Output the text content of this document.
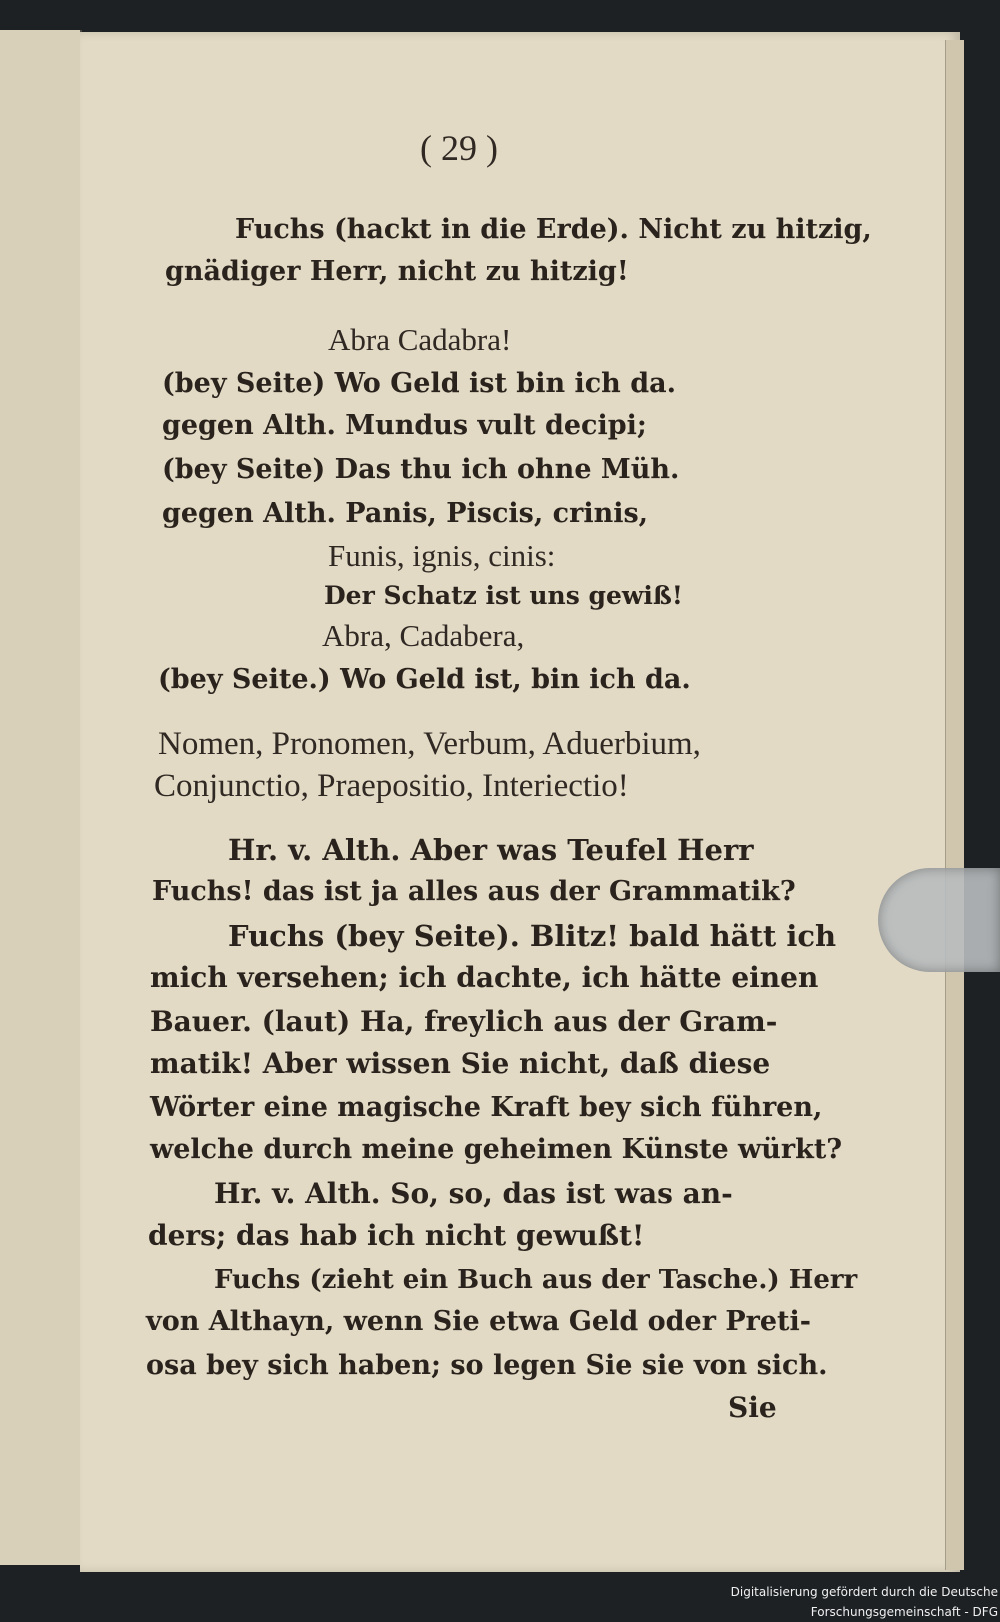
( 29 )
Fuchs (hackt in die Erde). Nicht zu hitzig,
gnädiger Herr, nicht zu hitzig!
Abra Cadabra!
(bey Seite) Wo Geld ist bin ich da.
gegen Alth. Mundus vult decipi;
(bey Seite) Das thu ich ohne Müh.
gegen Alth. Panis, Piscis, crinis,
Funis, ignis, cinis:
Der Schatz ist uns gewiß!
Abra, Cadabera,
(bey Seite.) Wo Geld ist, bin ich da.
Nomen, Pronomen, Verbum, Aduerbium,
Conjunctio, Praepositio, Interiectio!
Hr. v. Alth. Aber was Teufel Herr
Fuchs! das ist ja alles aus der Grammatik?
Fuchs (bey Seite). Blitz! bald hätt ich
mich versehen; ich dachte, ich hätte einen
Bauer. (laut) Ha, freylich aus der Gram-
matik! Aber wissen Sie nicht, daß diese
Wörter eine magische Kraft bey sich führen,
welche durch meine geheimen Künste würkt?
Hr. v. Alth. So, so, das ist was an-
ders; das hab ich nicht gewußt!
Fuchs (zieht ein Buch aus der Tasche.) Herr
von Althayn, wenn Sie etwa Geld oder Preti-
osa bey sich haben; so legen Sie sie von sich.
Sie
Digitalisierung gefördert durch die Deutsche Forschungsgemeinschaft - DFG
